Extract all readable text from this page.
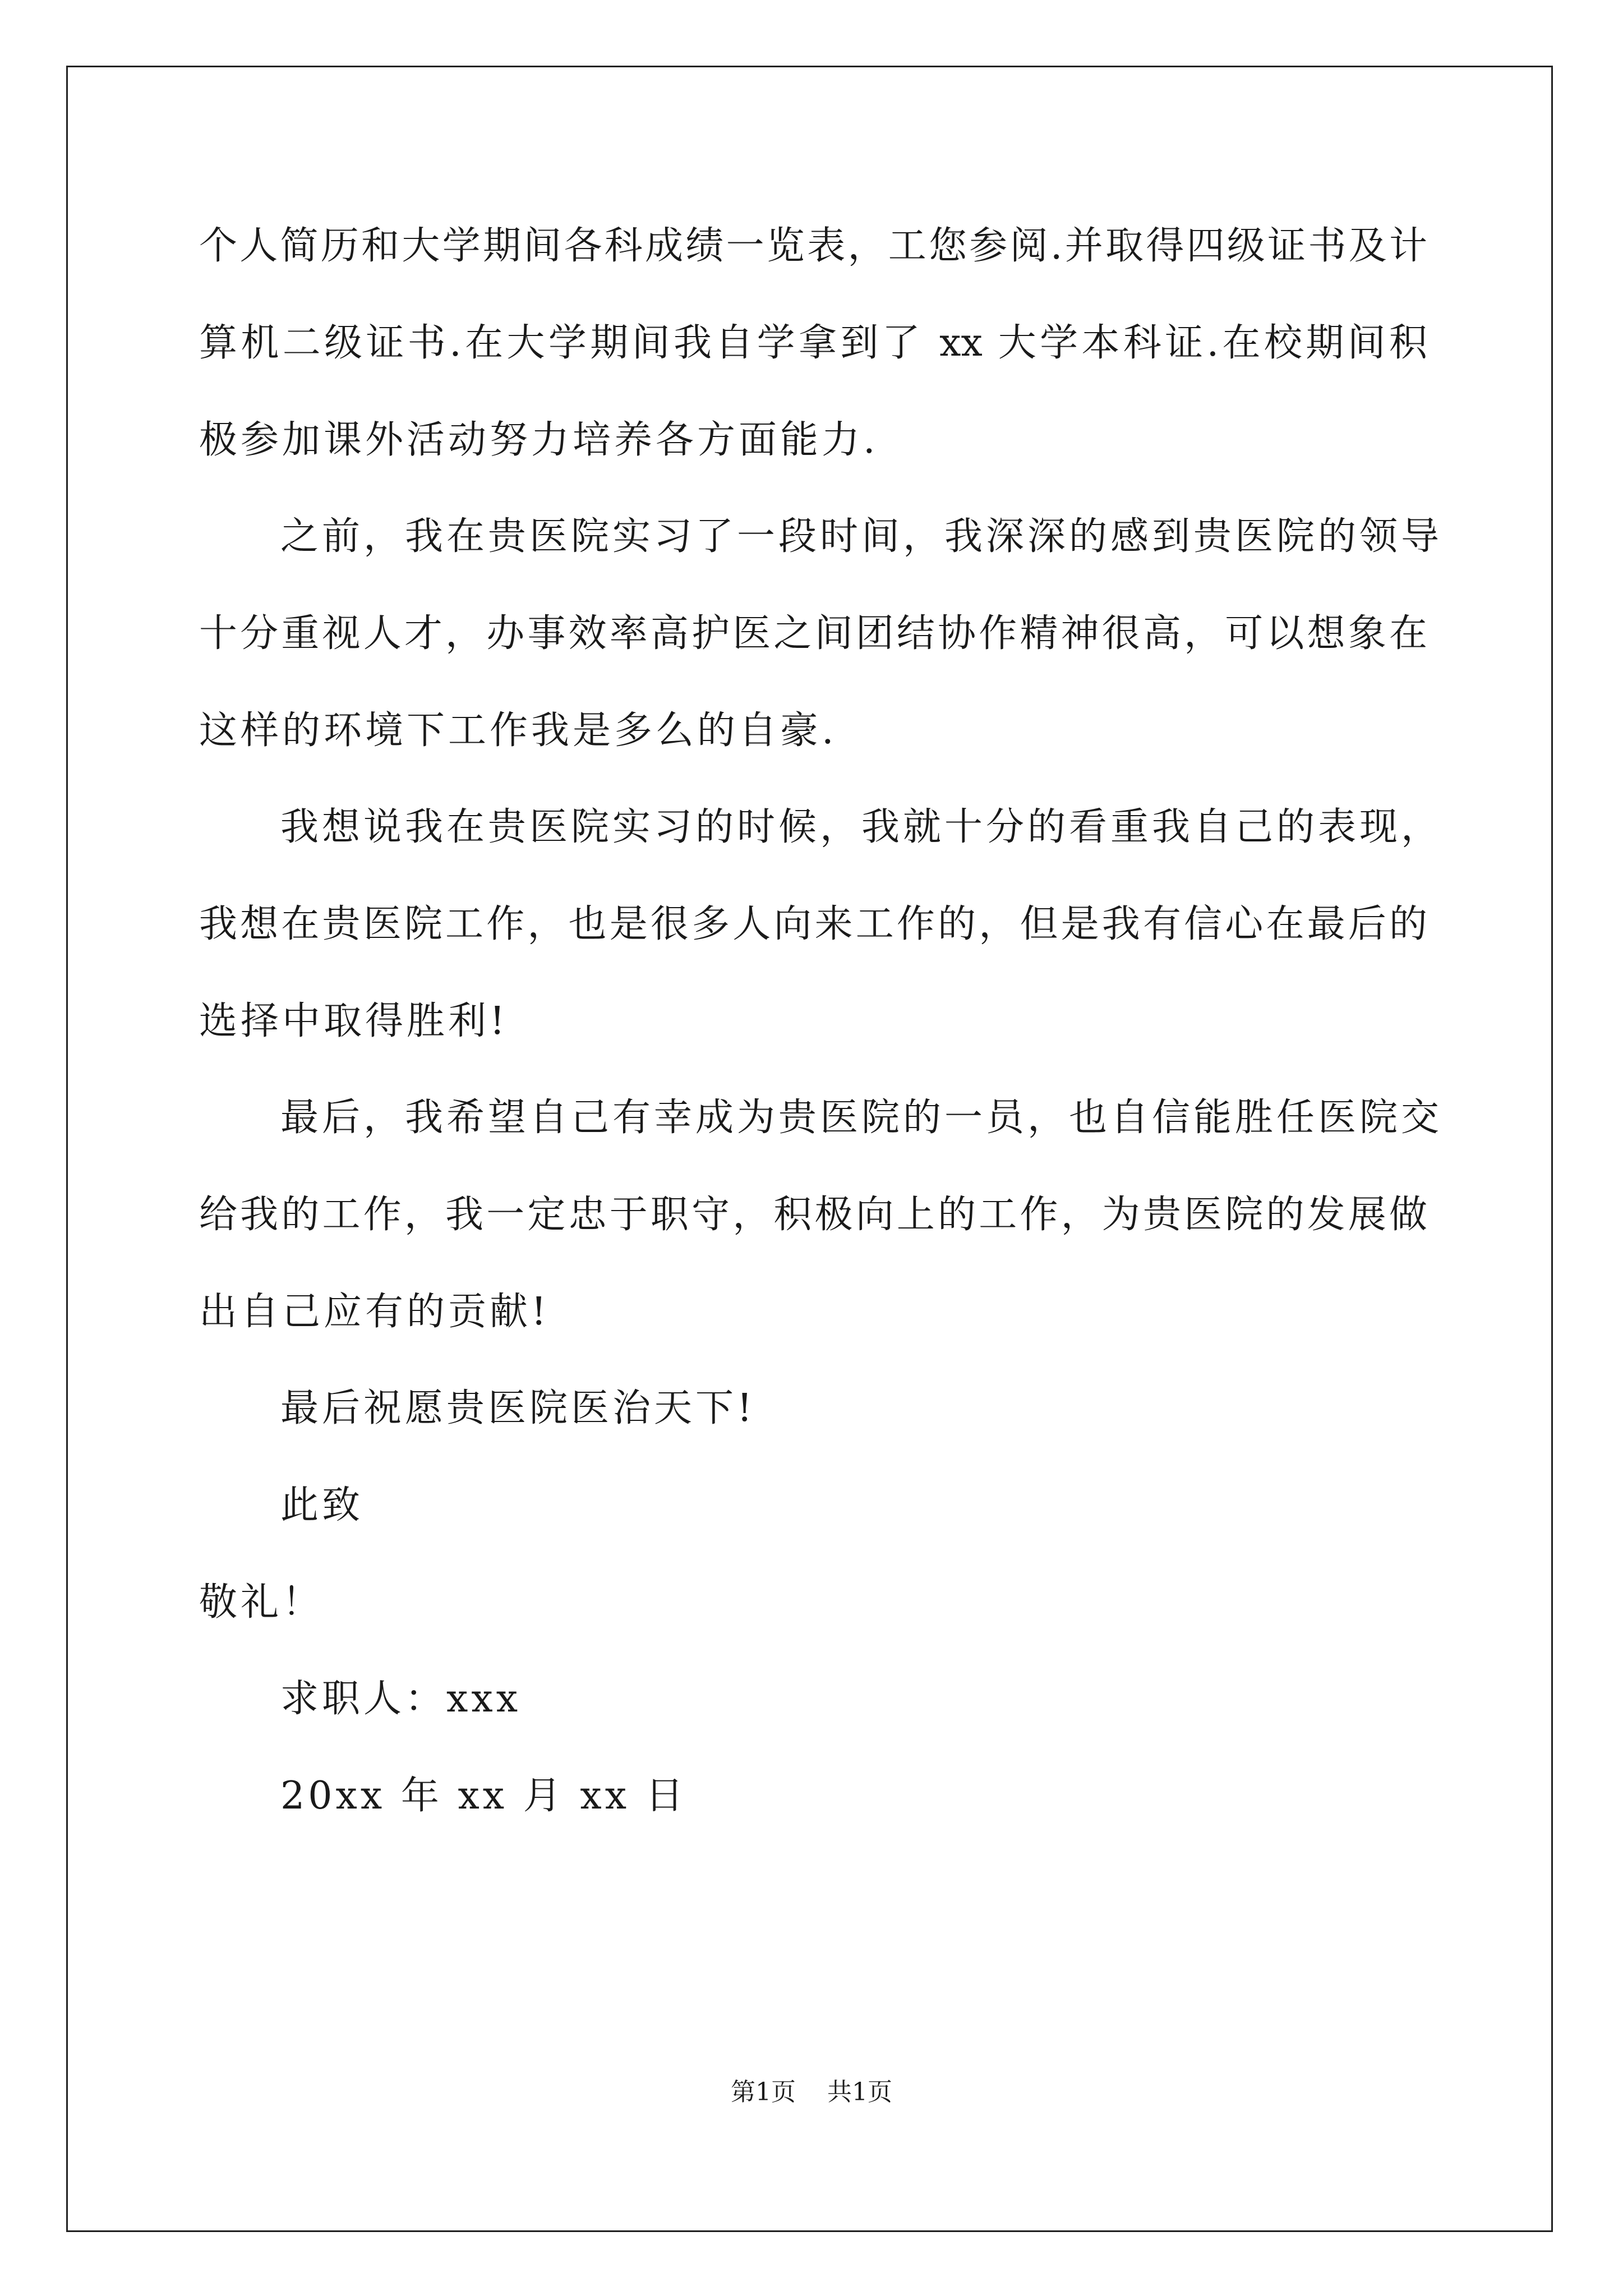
个人简历和大学期间各科成绩一览表，工您参阅.并取得四级证书及计
算机二级证书.在大学期间我自学拿到了 xx 大学本科证.在校期间积
极参加课外活动努力培养各方面能力.
之前，我在贵医院实习了一段时间，我深深的感到贵医院的领导
十分重视人才，办事效率高护医之间团结协作精神很高，可以想象在
这样的环境下工作我是多么的自豪.
我想说我在贵医院实习的时候，我就十分的看重我自己的表现，
我想在贵医院工作，也是很多人向来工作的，但是我有信心在最后的
选择中取得胜利!
最后，我希望自己有幸成为贵医院的一员，也自信能胜任医院交
给我的工作，我一定忠于职守，积极向上的工作，为贵医院的发展做
出自己应有的贡献!
最后祝愿贵医院医治天下!
此致
敬礼！
求职人：xxx
20xx 年 xx 月 xx 日
第1页 共1页
